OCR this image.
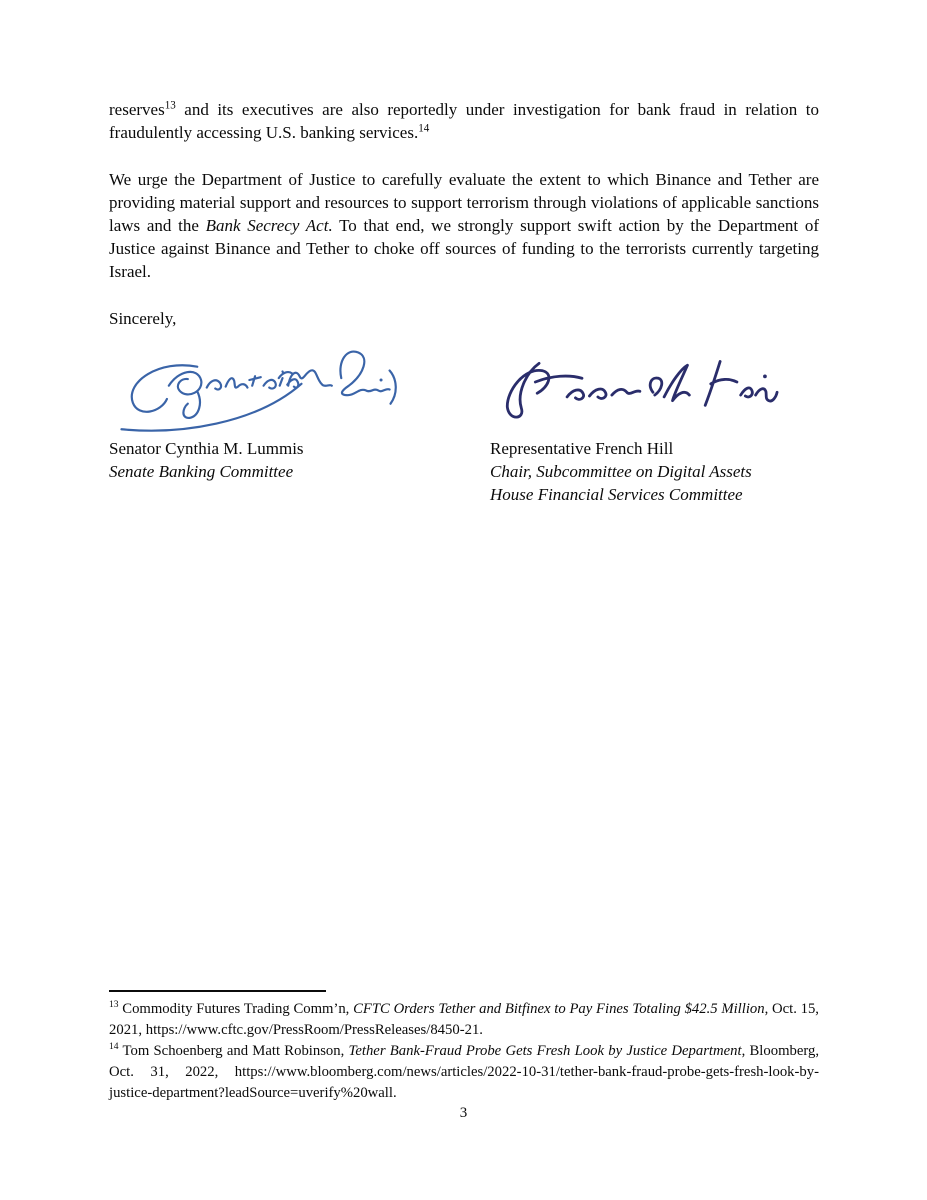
reserves$^{13}$ and its executives are also reportedly under investigation for bank fraud in relation to fraudulently accessing U.S. banking services.$^{14}$

We urge the Department of Justice to carefully evaluate the extent to which Binance and Tether are providing material support and resources to support terrorism through violations of applicable sanctions laws and the Bank Secrecy Act. To that end, we strongly support swift action by the Department of Justice against Binance and Tether to choke off sources of funding to the terrorists currently targeting Israel.

Sincerely,

Senator Cynthia M. Lummis
Senate Banking Committee
Representative French Hill
Chair, Subcommittee on Digital Assets
House Financial Services Committee

$^{13}$ Commodity Futures Trading Comm’n, CFTC Orders Tether and Bitfinex to Pay Fines Totaling $42.5 Million, Oct. 15, 2021, https://www.cftc.gov/PressRoom/PressReleases/8450-21.

$^{14}$ Tom Schoenberg and Matt Robinson, Tether Bank-Fraud Probe Gets Fresh Look by Justice Department, Bloomberg, Oct. 31, 2022, https://www.bloomberg.com/news/articles/2022-10-31/tether-bank-fraud-probe-gets-fresh-look-by-justice-department?leadSource=uverify%20wall.

3
